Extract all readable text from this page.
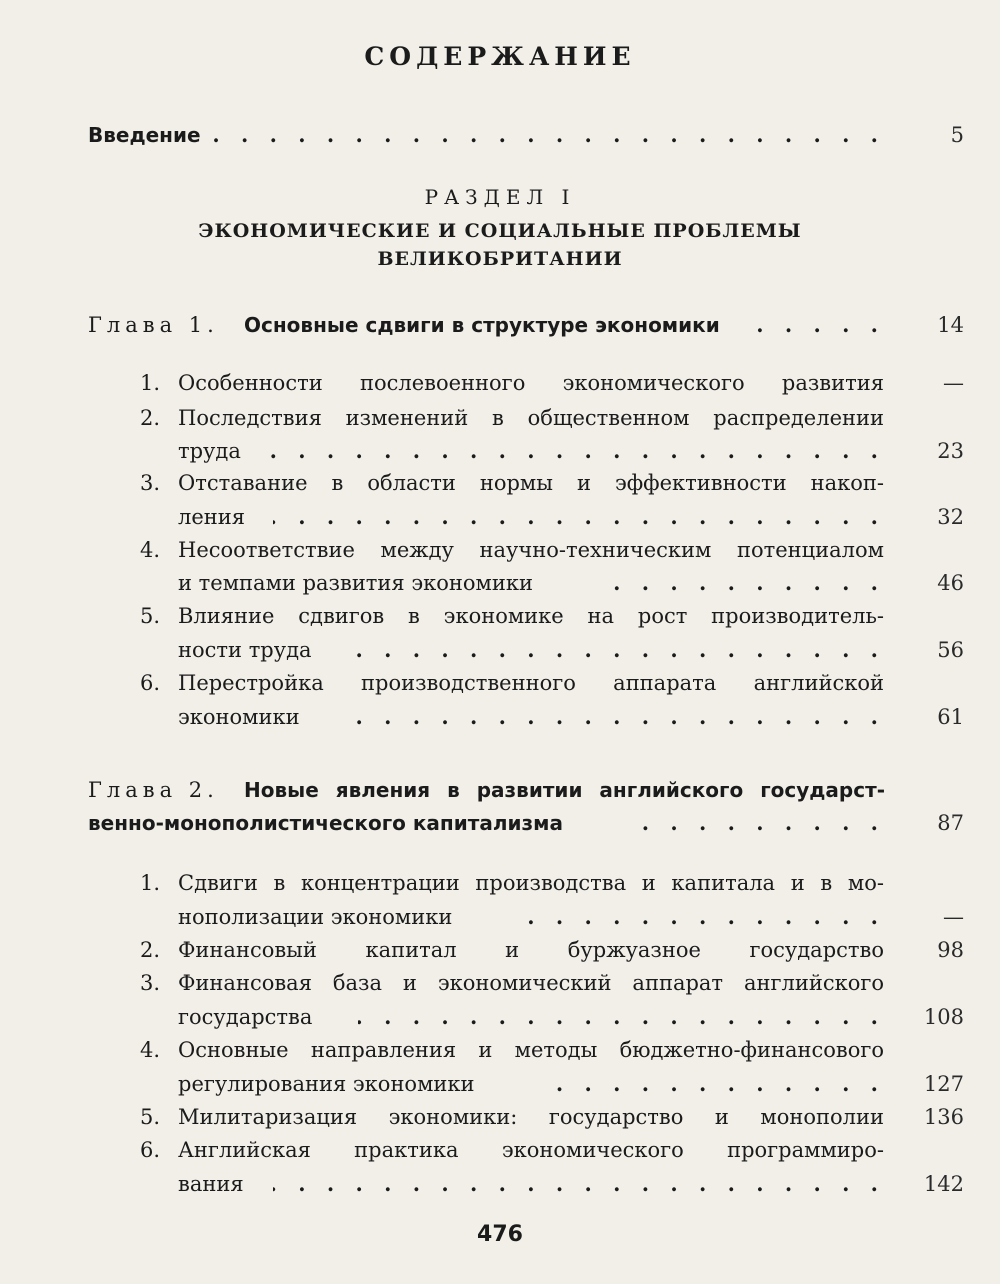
СОДЕРЖАНИЕ
Введение . . .	5
РАЗДЕЛ I
ЭКОНОМИЧЕСКИЕ И СОЦИАЛЬНЫЕ ПРОБЛЕМЫ
ВЕЛИКОБРИТАНИИ
Глава 1. Основные сдвиги в структуре экономики . . .	14
1. Особенности послевоенного экономического развития	—
2. Последствия изменений в общественном распределении
труда . . .	23
3. Отставание в области нормы и эффективности накоп-
ления . . .	32
4. Несоответствие между научно-техническим потенциалом
и темпами развития экономики . . .	46
5. Влияние сдвигов в экономике на рост производитель-
ности труда . . .	56
6. Перестройка производственного аппарата английской
экономики . . .	61
Глава 2. Новые явления в развитии английского государст-
венно-монополистического капитализма . . .	87
1. Сдвиги в концентрации производства и капитала и в мо-
нополизации экономики . . .	—
2. Финансовый капитал и буржуазное государство	98
3. Финансовая база и экономический аппарат английского
государства . . .	108
4. Основные направления и методы бюджетно-финансового
регулирования экономики . . .	127
5. Милитаризация экономики: государство и монополии	136
6. Английская практика экономического программиро-
вания . . .	142
476
